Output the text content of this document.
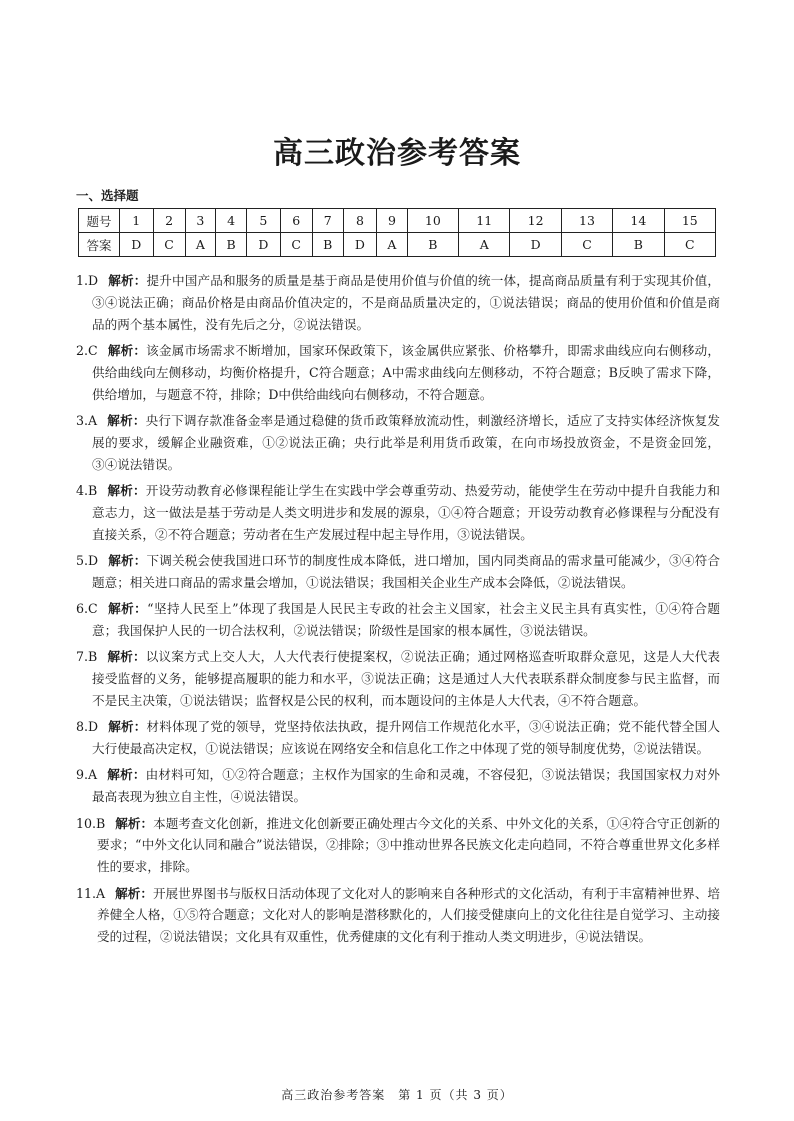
高三政治参考答案
一、选择题
题号	1	2	3	4	5	6	7	8	9	10	11	12	13	14	15
答案	D	C	A	B	D	C	B	D	A	B	A	D	C	B	C

1.D 解析 ： 提升中国产品和服务的质量是基于商品是使用价值与价值的统一体，提高商品质量有利于实现其价值，③④说法正确；商品价格是由商品价值决定的，不是商品质量决定的，①说法错误；商品的使用价值和价值是商品的两个基本属性，没有先后之分，②说法错误。

2.C 解析 ： 该金属市场需求不断增加，国家环保政策下，该金属供应紧张、价格攀升，即需求曲线应向右侧移动，供给曲线向左侧移动，均衡价格提升，C符合题意；A中需求曲线向左侧移动，不符合题意；B反映了需求下降，供给增加，与题意不符，排除；D中供给曲线向右侧移动，不符合题意。

3.A 解析 ： 央行下调存款准备金率是通过稳健的货币政策释放流动性，刺激经济增长，适应了支持实体经济恢复发展的要求，缓解企业融资难，①②说法正确；央行此举是利用货币政策，在向市场投放资金，不是资金回笼，③④说法错误。

4.B 解析 ： 开设劳动教育必修课程能让学生在实践中学会尊重劳动、热爱劳动，能使学生在劳动中提升自我能力和意志力，这一做法是基于劳动是人类文明进步和发展的源泉，①④符合题意；开设劳动教育必修课程与分配没有直接关系，②不符合题意；劳动者在生产发展过程中起主导作用，③说法错误。

5.D 解析 ： 下调关税会使我国进口环节的制度性成本降低，进口增加，国内同类商品的需求量可能减少，③④符合题意；相关进口商品的需求量会增加，①说法错误；我国相关企业生产成本会降低，②说法错误。

6.C 解析 ： “坚持人民至上”体现了我国是人民民主专政的社会主义国家，社会主义民主具有真实性，①④符合题意；我国保护人民的一切合法权利，②说法错误；阶级性是国家的根本属性，③说法错误。

7.B 解析 ： 以议案方式上交人大，人大代表行使提案权，②说法正确；通过网格巡查听取群众意见，这是人大代表接受监督的义务，能够提高履职的能力和水平，③说法正确；这是通过人大代表联系群众制度参与民主监督，而不是民主决策，①说法错误；监督权是公民的权利，而本题设问的主体是人大代表，④不符合题意。

8.D 解析 ： 材料体现了党的领导，党坚持依法执政，提升网信工作规范化水平，③④说法正确；党不能代替全国人大行使最高决定权，①说法错误；应该说在网络安全和信息化工作之中体现了党的领导制度优势，②说法错误。

9.A 解析 ： 由材料可知，①②符合题意；主权作为国家的生命和灵魂，不容侵犯，③说法错误；我国国家权力对外最高表现为独立自主性，④说法错误。

10.B 解析 ： 本题考查文化创新，推进文化创新要正确处理古今文化的关系、中外文化的关系，①④符合守正创新的要求；“中外文化认同和融合”说法错误，②排除；③中推动世界各民族文化走向趋同，不符合尊重世界文化多样性的要求，排除。

11.A 解析 ： 开展世界图书与版权日活动体现了文化对人的影响来自各种形式的文化活动，有利于丰富精神世界、培养健全人格，①⑤符合题意；文化对人的影响是潜移默化的，人们接受健康向上的文化往往是自觉学习、主动接受的过程，②说法错误；文化具有双重性，优秀健康的文化有利于推动人类文明进步，④说法错误。

高三政治参考答案　第 1 页（共 3 页）
